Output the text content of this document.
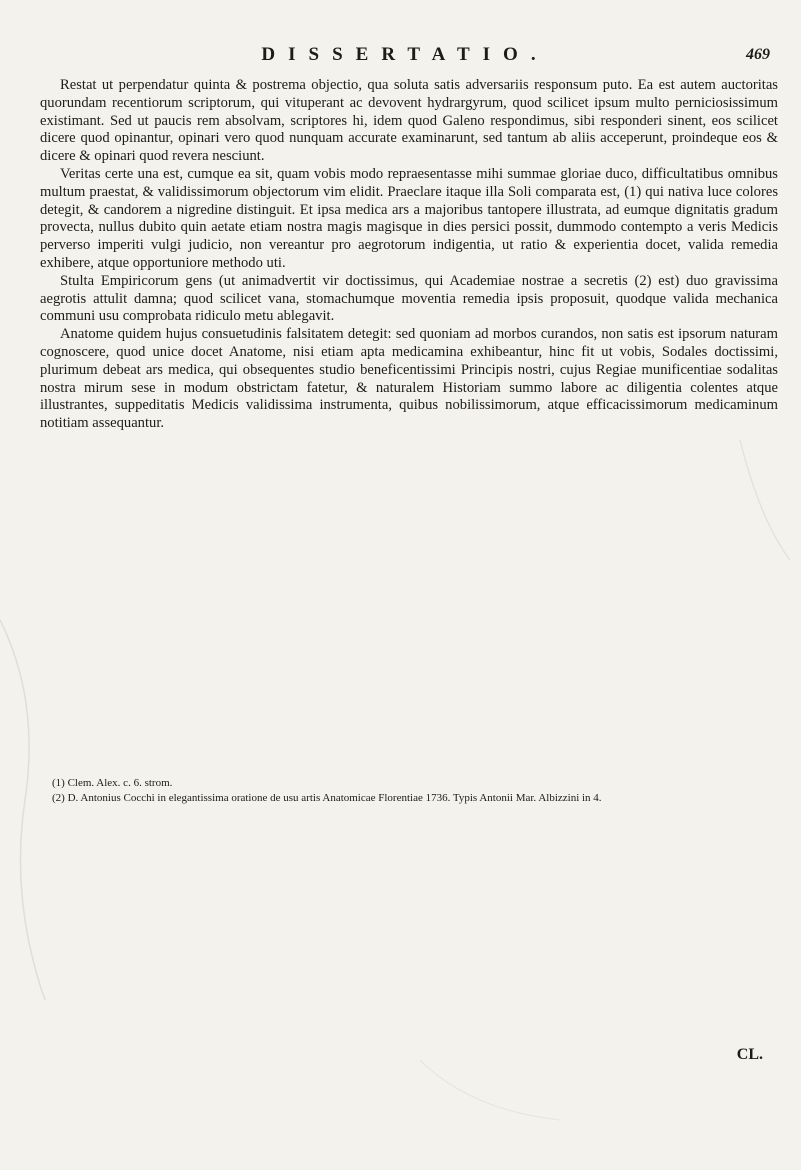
DISSERTATIO.	469

Restat ut perpendatur quinta & postrema objectio, qua soluta satis adversariis responsum puto. Ea est autem auctoritas quorundam recentiorum scriptorum, qui vituperant ac devovent hydrargyrum, quod scilicet ipsum multo perniciosissimum existimant. Sed ut paucis rem absolvam, scriptores hi, idem quod Galeno respondimus, sibi responderi sinent, eos scilicet dicere quod opinantur, opinari vero quod nunquam accurate examinarunt, sed tantum ab aliis acceperunt, proindeque eos & dicere & opinari quod revera nesciunt.

Veritas certe una est, cumque ea sit, quam vobis modo repraesentasse mihi summae gloriae duco, difficultatibus omnibus multum praestat, & validissimorum objectorum vim elidit. Praeclare itaque illa Soli comparata est, (1) qui nativa luce colores detegit, & candorem a nigredine distinguit. Et ipsa medica ars a majoribus tantopere illustrata, ad eumque dignitatis gradum provecta, nullus dubito quin aetate etiam nostra magis magisque in dies persici possit, dummodo contempto a veris Medicis perverso imperiti vulgi judicio, non vereantur pro aegrotorum indigentia, ut ratio & experientia docet, valida remedia exhibere, atque opportuniore methodo uti.

Stulta Empiricorum gens (ut animadvertit vir doctissimus, qui Academiae nostrae a secretis (2) est) duo gravissima aegrotis attulit damna; quod scilicet vana, stomachumque moventia remedia ipsis proposuit, quodque valida mechanica communi usu comprobata ridiculo metu ablegavit.

Anatome quidem hujus consuetudinis falsitatem detegit: sed quoniam ad morbos curandos, non satis est ipsorum naturam cognoscere, quod unice docet Anatome, nisi etiam apta medicamina exhibeantur, hinc fit ut vobis, Sodales doctissimi, plurimum debeat ars medica, qui obsequentes studio beneficentissimi Principis nostri, cujus Regiae munificentiae sodalitas nostra mirum sese in modum obstrictam fatetur, & naturalem Historiam summo labore ac diligentia colentes atque illustrantes, suppeditatis Medicis validissima instrumenta, quibus nobilissimorum, atque efficacissimorum medicaminum notitiam assequantur.

(1) Clem. Alex. c. 6. strom.

(2) D. Antonius Cocchi in elegantissima oratione de usu artis Anatomicae Florentiae 1736. Typis Antonii Mar. Albizzini in 4.

CL.
